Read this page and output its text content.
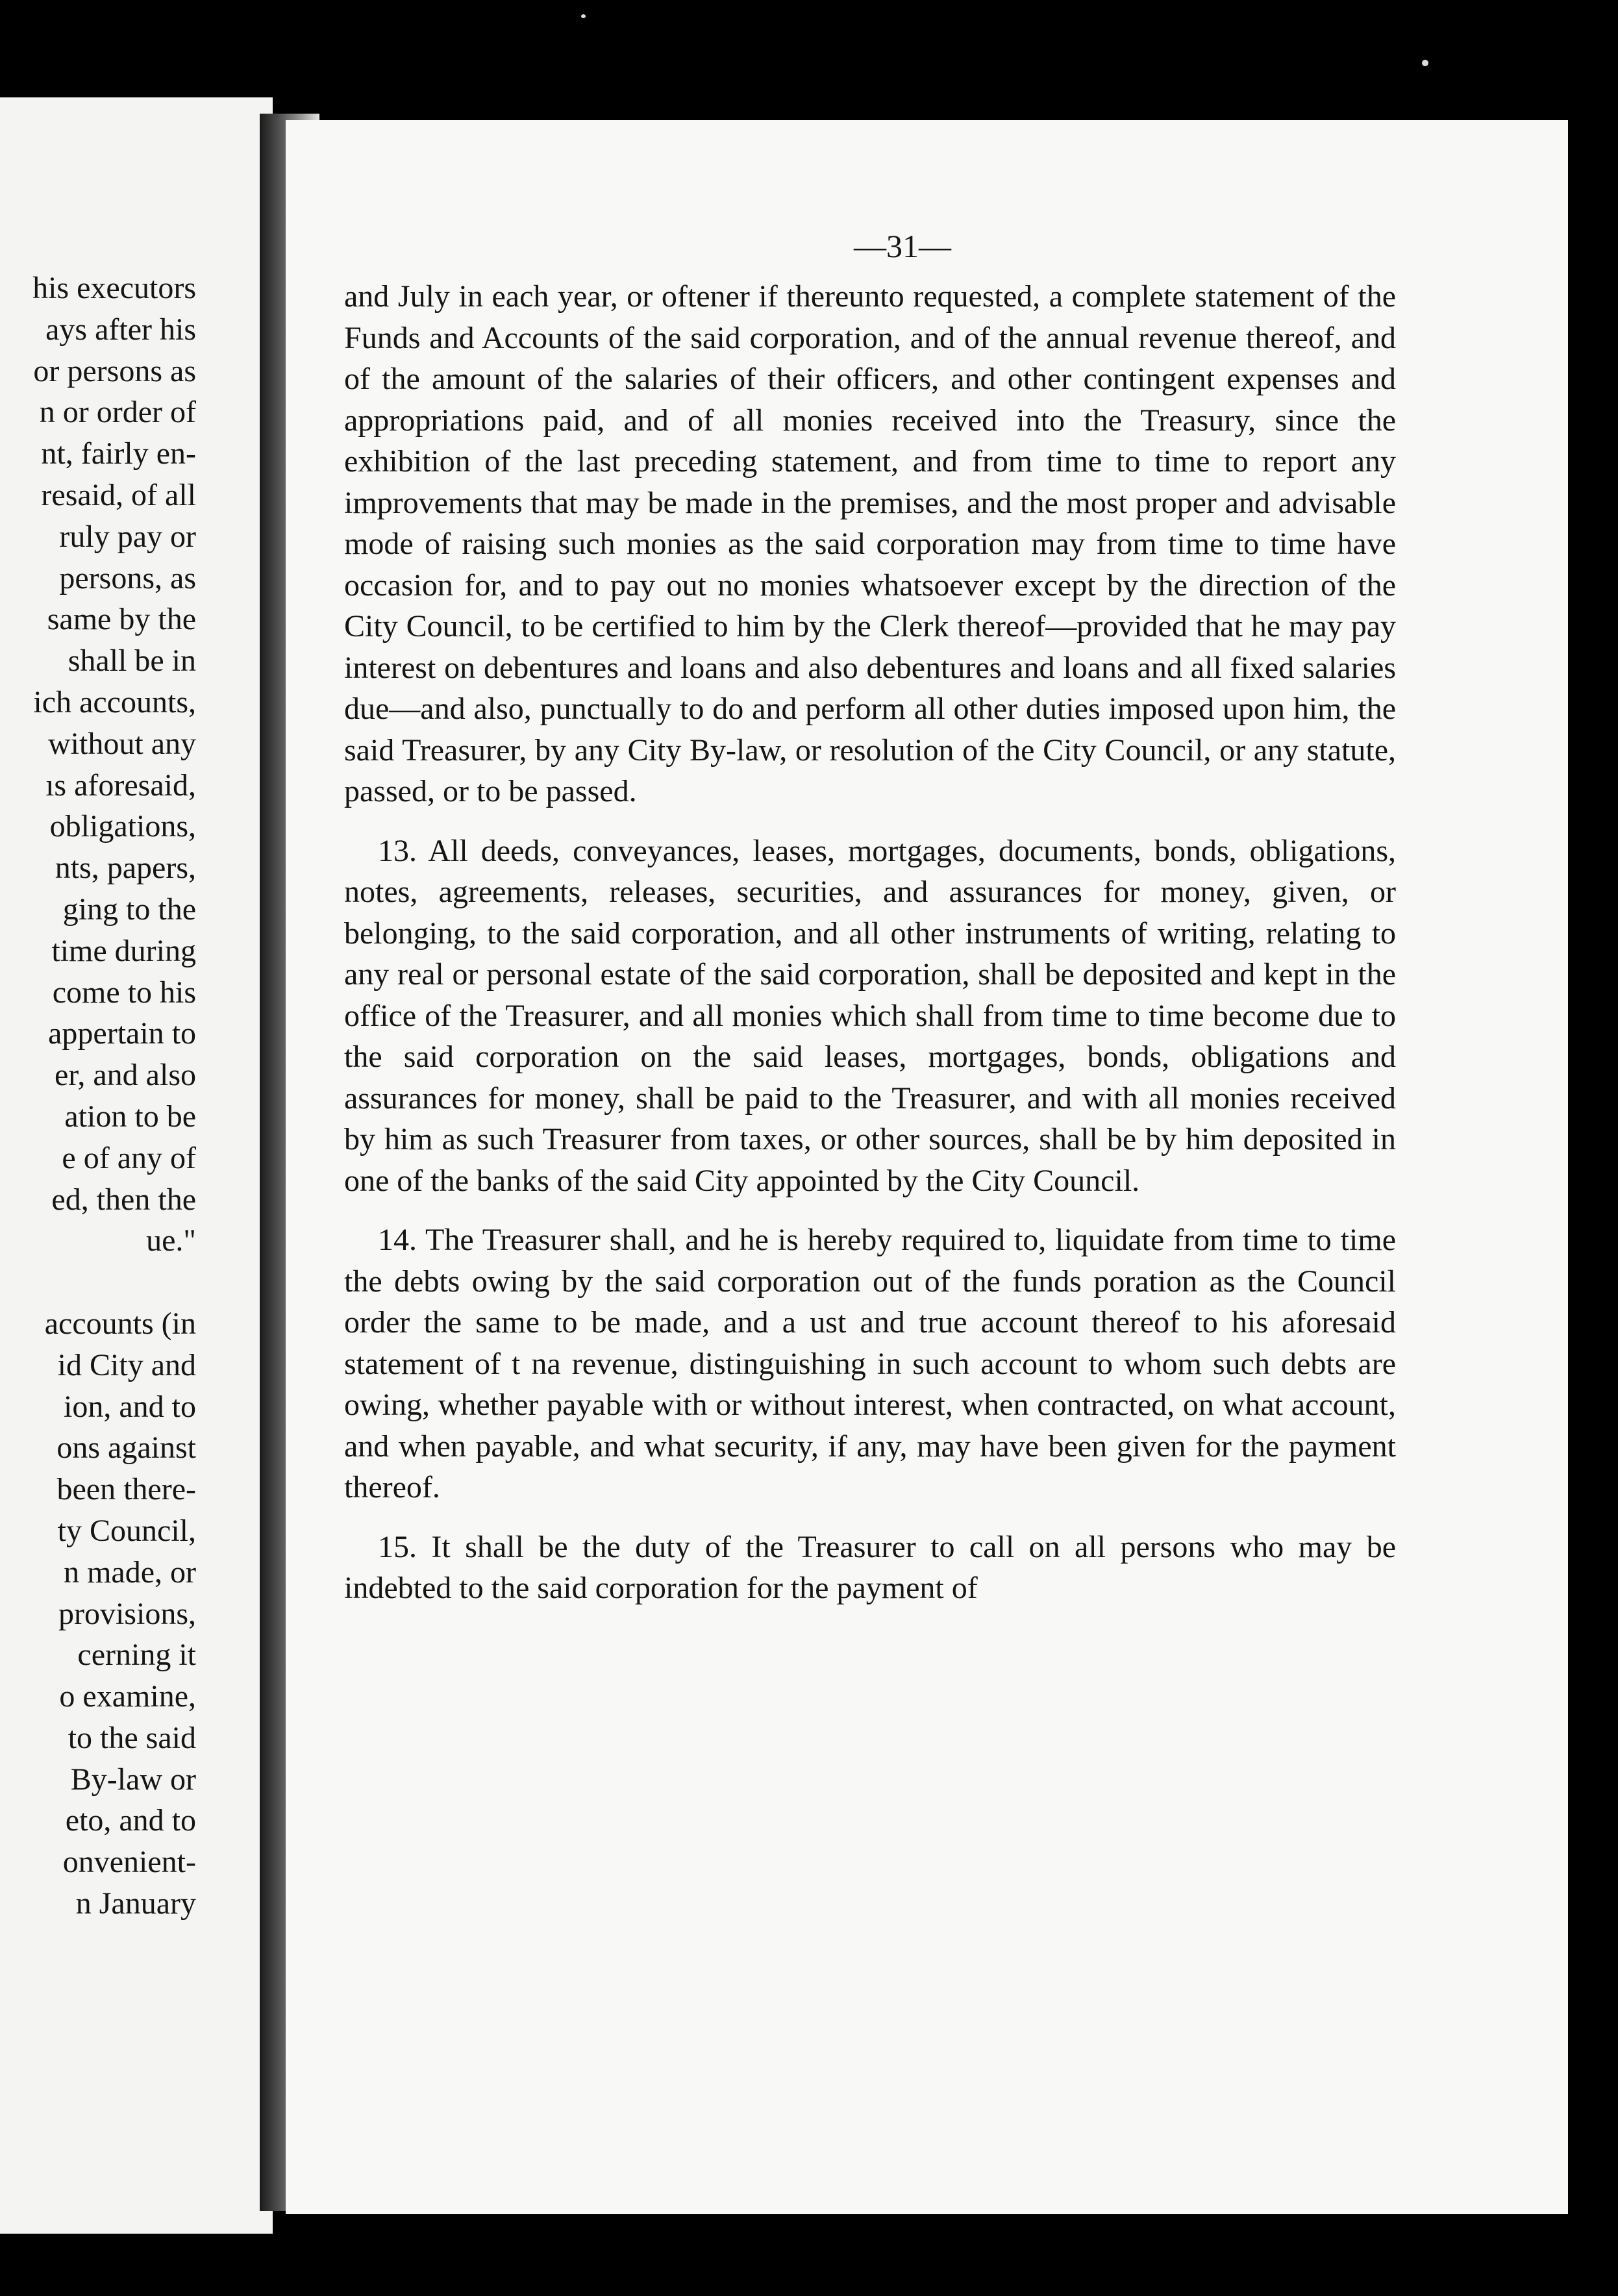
his executors
ays after his
or persons as
n or order of
nt, fairly en-
resaid, of all
ruly pay or
persons, as
same by the
shall be in
ich accounts,
without any
ıs aforesaid,
obligations,
nts, papers,
ging to the
time during
come to his
appertain to
er, and also
ation to be
e of any of
ed, then the
ue."
accounts (in
id City and
ion, and to
ons against
been there-
ty Council,
n made, or
provisions,
cerning it
o examine,
to the said
By-law or
eto, and to
onvenient-
n January
—31—

and July in each year, or oftener if thereunto requested, a complete statement of the Funds and Accounts of the said corporation, and of the annual revenue thereof, and of the amount of the salaries of their officers, and other contingent expenses and appropriations paid, and of all monies received into the Treasury, since the exhibition of the last preceding statement, and from time to time to report any improvements that may be made in the premises, and the most proper and advisable mode of raising such monies as the said corporation may from time to time have occasion for, and to pay out no monies whatsoever except by the direction of the City Council, to be certified to him by the Clerk thereof—provided that he may pay interest on debentures and loans and also debentures and loans and all fixed salaries due—and also, punctually to do and perform all other duties imposed upon him, the said Treasurer, by any City By-law, or resolution of the City Council, or any statute, passed, or to be passed.

13. All deeds, conveyances, leases, mortgages, documents, bonds, obligations, notes, agreements, releases, securities, and assurances for money, given, or belonging, to the said corporation, and all other instruments of writing, relating to any real or personal estate of the said corporation, shall be deposited and kept in the office of the Treasurer, and all monies which shall from time to time become due to the said corporation on the said leases, mortgages, bonds, obligations and assurances for money, shall be paid to the Treasurer, and with all monies received by him as such Treasurer from taxes, or other sources, shall be by him deposited in one of the banks of the said City appointed by the City Council.

14. The Treasurer shall, and he is hereby required to, liquidate from time to time the debts owing by the said corporation out of the funds poration as the Council order the same to be made, and a ust and true account thereof to his aforesaid statement of t na revenue, distinguishing in such account to whom such debts are owing, whether payable with or without interest, when contracted, on what account, and when payable, and what security, if any, may have been given for the payment thereof.

15. It shall be the duty of the Treasurer to call on all persons who may be indebted to the said corporation for the payment of
